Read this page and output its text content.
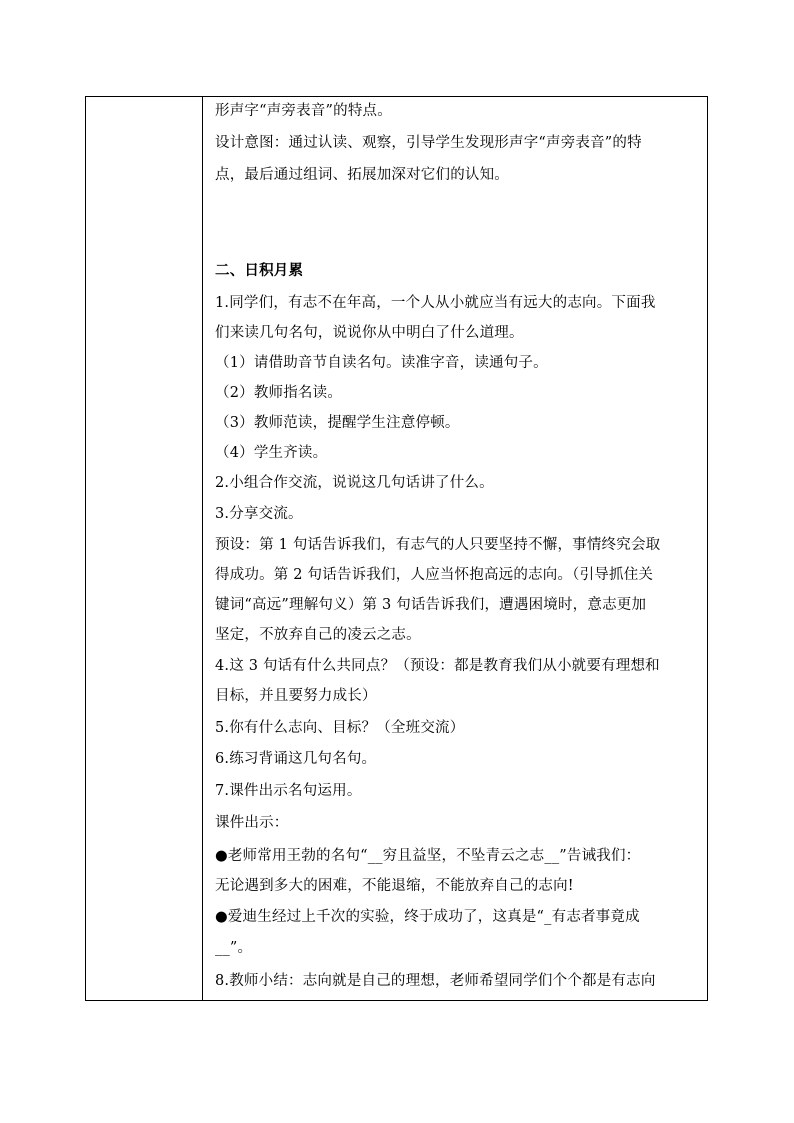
形声字“声旁表音”的特点。
设计意图：通过认读、观察，引导学生发现形声字“声旁表音”的特
点，最后通过组词、拓展加深对它们的认知。
二、日积月累
1.同学们，有志不在年高，一个人从小就应当有远大的志向。下面我
们来读几句名句，说说你从中明白了什么道理。
（1）请借助音节自读名句。读准字音，读通句子。
（2）教师指名读。
（3）教师范读，提醒学生注意停顿。
（4）学生齐读。
2.小组合作交流，说说这几句话讲了什么。
3.分享交流。
预设：第 1 句话告诉我们，有志气的人只要坚持不懈，事情终究会取
得成功。第 2 句话告诉我们，人应当怀抱高远的志向。（引导抓住关
键词“高远”理解句义）第 3 句话告诉我们，遭遇困境时，意志更加
坚定，不放弃自己的凌云之志。
4.这 3 句话有什么共同点？（预设：都是教育我们从小就要有理想和
目标，并且要努力成长）
5.你有什么志向、目标？（全班交流）
6.练习背诵这几句名句。
7.课件出示名句运用。
课件出示：
●老师常用王勃的名句“__穷且益坚，不坠青云之志__”告诫我们：
无论遇到多大的困难，不能退缩，不能放弃自己的志向!
●爱迪生经过上千次的实验，终于成功了，这真是“_有志者事竟成
__”。
8.教师小结：志向就是自己的理想，老师希望同学们个个都是有志向
